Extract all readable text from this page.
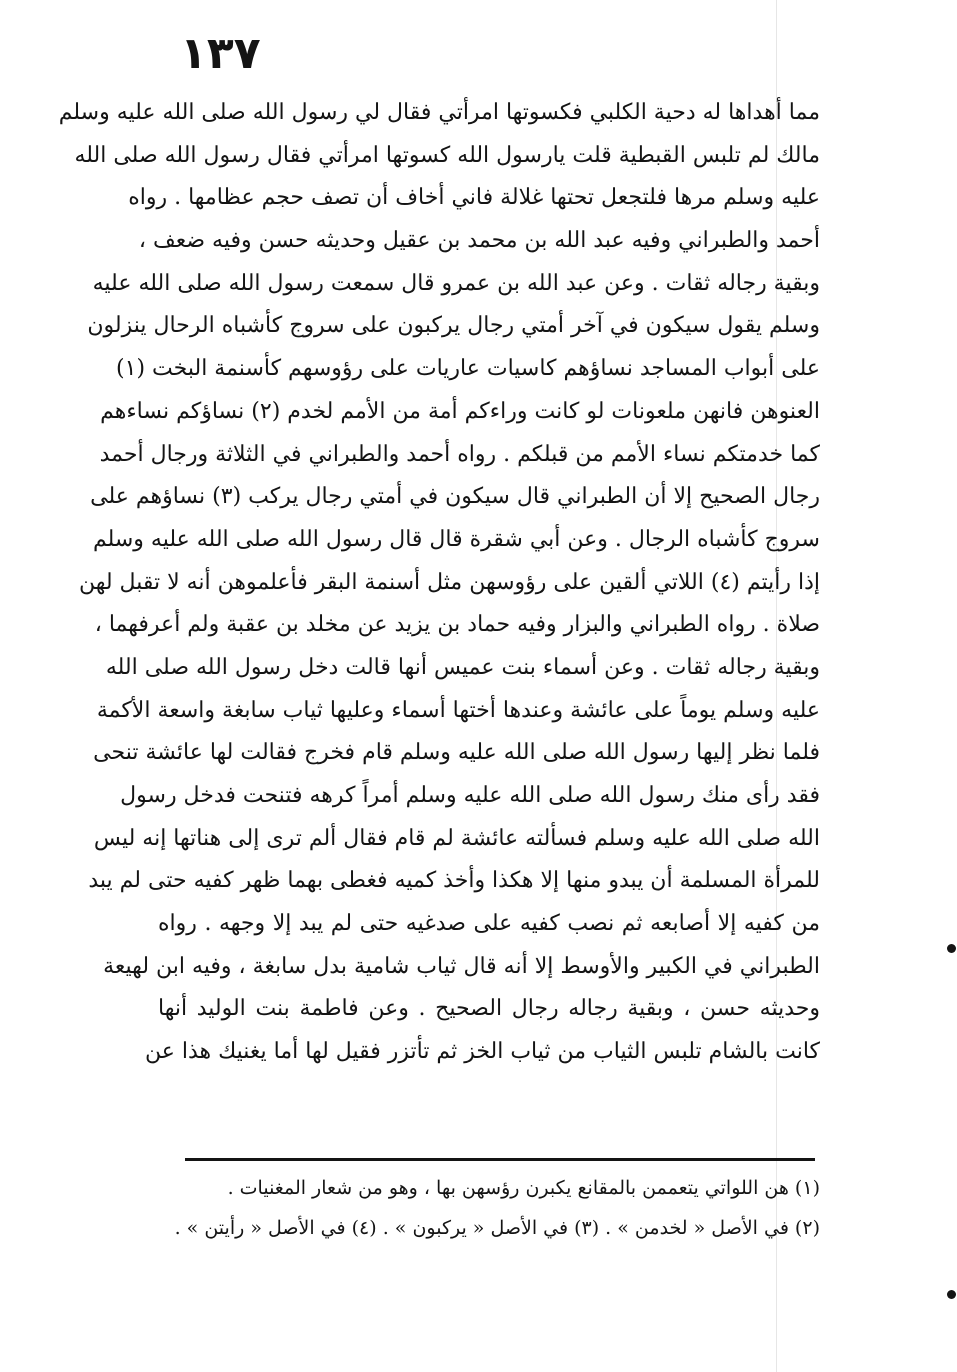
١٣٧
مما أهداها له دحية الكلبي فكسوتها امرأتي فقال لي رسول الله صلى الله عليه وسلم
مالك لم تلبس القبطية قلت يارسول الله كسوتها امرأتي فقال رسول الله صلى الله
عليه وسلم مرها فلتجعل تحتها غلالة فاني أخاف أن تصف حجم عظامها . رواه
أحمد والطبراني وفيه عبد الله بن محمد بن عقيل وحديثه حسن وفيه ضعف ،
وبقية رجاله ثقات . وعن عبد الله بن عمرو قال سمعت رسول الله صلى الله عليه
وسلم يقول سيكون في آخر أمتي رجال يركبون على سروج كأشباه الرحال ينزلون
على أبواب المساجد نساؤهم كاسيات عاريات على رؤوسهم كأسنمة البخت (١)
العنوهن فانهن ملعونات لو كانت وراءكم أمة من الأمم لخدم (٢) نساؤكم نساءهم
كما خدمتكم نساء الأمم من قبلكم . رواه أحمد والطبراني في الثلاثة ورجال أحمد
رجال الصحيح إلا أن الطبراني قال سيكون في أمتي رجال يركب (٣) نساؤهم على
سروج كأشباه الرجال . وعن أبي شقرة قال قال رسول الله صلى الله عليه وسلم
إذا رأيتم (٤) اللاتي ألقين على رؤوسهن مثل أسنمة البقر فأعلموهن أنه لا تقبل لهن
صلاة . رواه الطبراني والبزار وفيه حماد بن يزيد عن مخلد بن عقبة ولم أعرفهما ،
وبقية رجاله ثقات . وعن أسماء بنت عميس أنها قالت دخل رسول الله صلى الله
عليه وسلم يوماً على عائشة وعندها أختها أسماء وعليها ثياب سابغة واسعة الأكمة
فلما نظر إليها رسول الله صلى الله عليه وسلم قام فخرج فقالت لها عائشة تنحى
فقد رأى منك رسول الله صلى الله عليه وسلم أمراً كرهه فتنحت فدخل رسول
الله صلى الله عليه وسلم فسألته عائشة لم قام فقال ألم ترى إلى هناتها إنه ليس
للمرأة المسلمة أن يبدو منها إلا هكذا وأخذ كميه فغطى بهما ظهر كفيه حتى لم يبد
من كفيه إلا أصابعه ثم نصب كفيه على صدغيه حتى لم يبد إلا وجهه . رواه
الطبراني في الكبير والأوسط إلا أنه قال ثياب شامية بدل سابغة ، وفيه ابن لهيعة
وحديثه حسن ، وبقية رجاله رجال الصحيح . وعن فاطمة بنت الوليد أنها
كانت بالشام تلبس الثياب من ثياب الخز ثم تأتزر فقيل لها أما يغنيك هذا عن
(١) هن اللواتي يتعممن بالمقانع يكبرن رؤسهن بها ، وهو من شعار المغنيات .
(٢) في الأصل « لخدمن » . (٣) في الأصل « يركبون » . (٤) في الأصل « رأيتن » .
